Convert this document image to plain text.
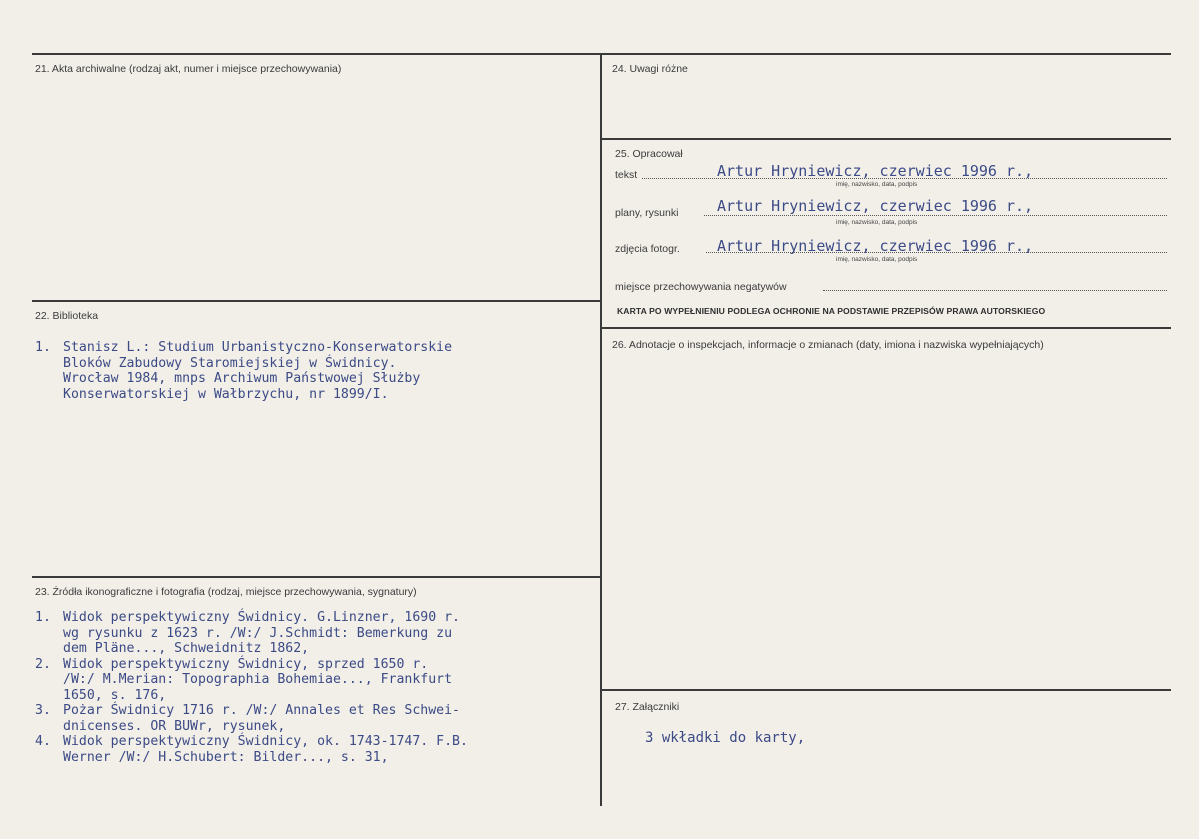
21. Akta archiwalne (rodzaj akt, numer i miejsce przechowywania)
22. Biblioteka
1. Stanisz L.: Studium Urbanistyczno-Konserwatorskie
Bloków Zabudowy Staromiejskiej w Świdnicy.
Wrocław 1984, mnps Archiwum Państwowej Służby
Konserwatorskiej w Wałbrzychu, nr 1899/I.
23. Źródła ikonograficzne i fotografia (rodzaj, miejsce przechowywania, sygnatury)
1. Widok perspektywiczny Świdnicy. G.Linzner, 1690 r.
wg rysunku z 1623 r. /W:/ J.Schmidt: Bemerkung zu
dem Pläne..., Schweidnitz 1862,
2. Widok perspektywiczny Świdnicy, sprzed 1650 r.
/W:/ M.Merian: Topographia Bohemiae..., Frankfurt
1650, s. 176,
3. Pożar Świdnicy 1716 r. /W:/ Annales et Res Schwei-
dnicenses. OR BUWr, rysunek,
4. Widok perspektywiczny Świdnicy, ok. 1743-1747. F.B.
Werner /W:/ H.Schubert: Bilder..., s. 31,
24. Uwagi różne
25. Opracował
tekst	Artur Hryniewicz, czerwiec 1996 r.,
imię, nazwisko, data, podpis
plany, rysunki	Artur Hryniewicz, czerwiec 1996 r.,
imię, nazwisko, data, podpis
zdjęcia fotogr. Artur Hryniewicz, czerwiec 1996 r.,
imię, nazwisko, data, podpis
miejsce przechowywania negatywów
KARTA PO WYPEŁNIENIU PODLEGA OCHRONIE NA PODSTAWIE PRZEPISÓW PRAWA AUTORSKIEGO
26. Adnotacje o inspekcjach, informacje o zmianach (daty, imiona i nazwiska wypełniających)
27. Załączniki
3 wkładki do karty,
